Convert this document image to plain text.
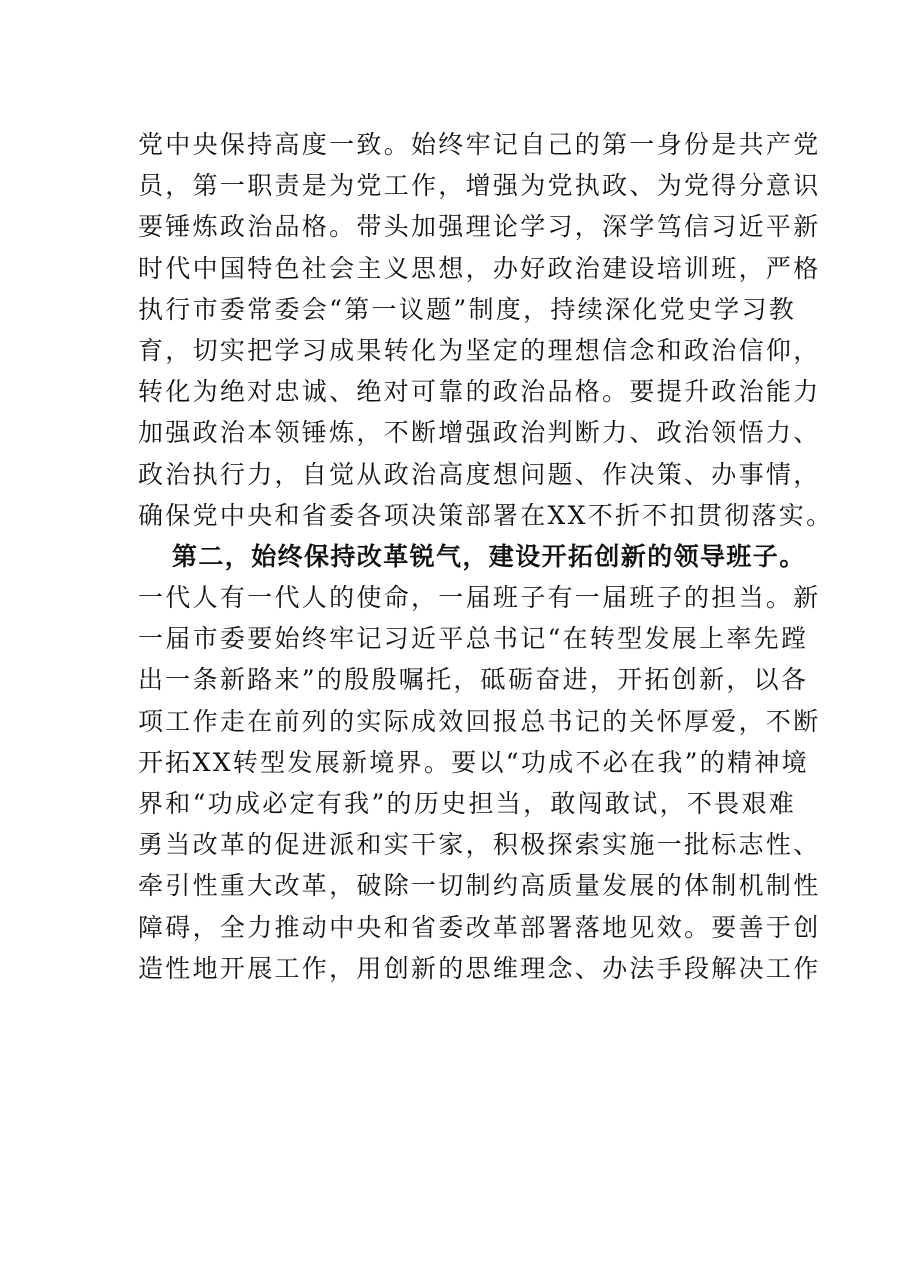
党中央保持高度一致。始终牢记自己的第一身份是共产党
员，第一职责是为党工作，增强为党执政、为党得分意识
要锤炼政治品格。带头加强理论学习，深学笃信习近平新
时代中国特色社会主义思想，办好政治建设培训班，严格
执行市委常委会“第一议题”制度，持续深化党史学习教
育，切实把学习成果转化为坚定的理想信念和政治信仰，
转化为绝对忠诚、绝对可靠的政治品格。要提升政治能力
加强政治本领锤炼，不断增强政治判断力、政治领悟力、
政治执行力，自觉从政治高度想问题、作决策、办事情，
确保党中央和省委各项决策部署在XX不折不扣贯彻落实。
第二，始终保持改革锐气，建设开拓创新的领导班子。
一代人有一代人的使命，一届班子有一届班子的担当。新
一届市委要始终牢记习近平总书记“在转型发展上率先蹚
出一条新路来”的殷殷嘱托，砥砺奋进，开拓创新，以各
项工作走在前列的实际成效回报总书记的关怀厚爱，不断
开拓XX转型发展新境界。要以“功成不必在我”的精神境
界和“功成必定有我”的历史担当，敢闯敢试，不畏艰难
勇当改革的促进派和实干家，积极探索实施一批标志性、
牵引性重大改革，破除一切制约高质量发展的体制机制性
障碍，全力推动中央和省委改革部署落地见效。要善于创
造性地开展工作，用创新的思维理念、办法手段解决工作
